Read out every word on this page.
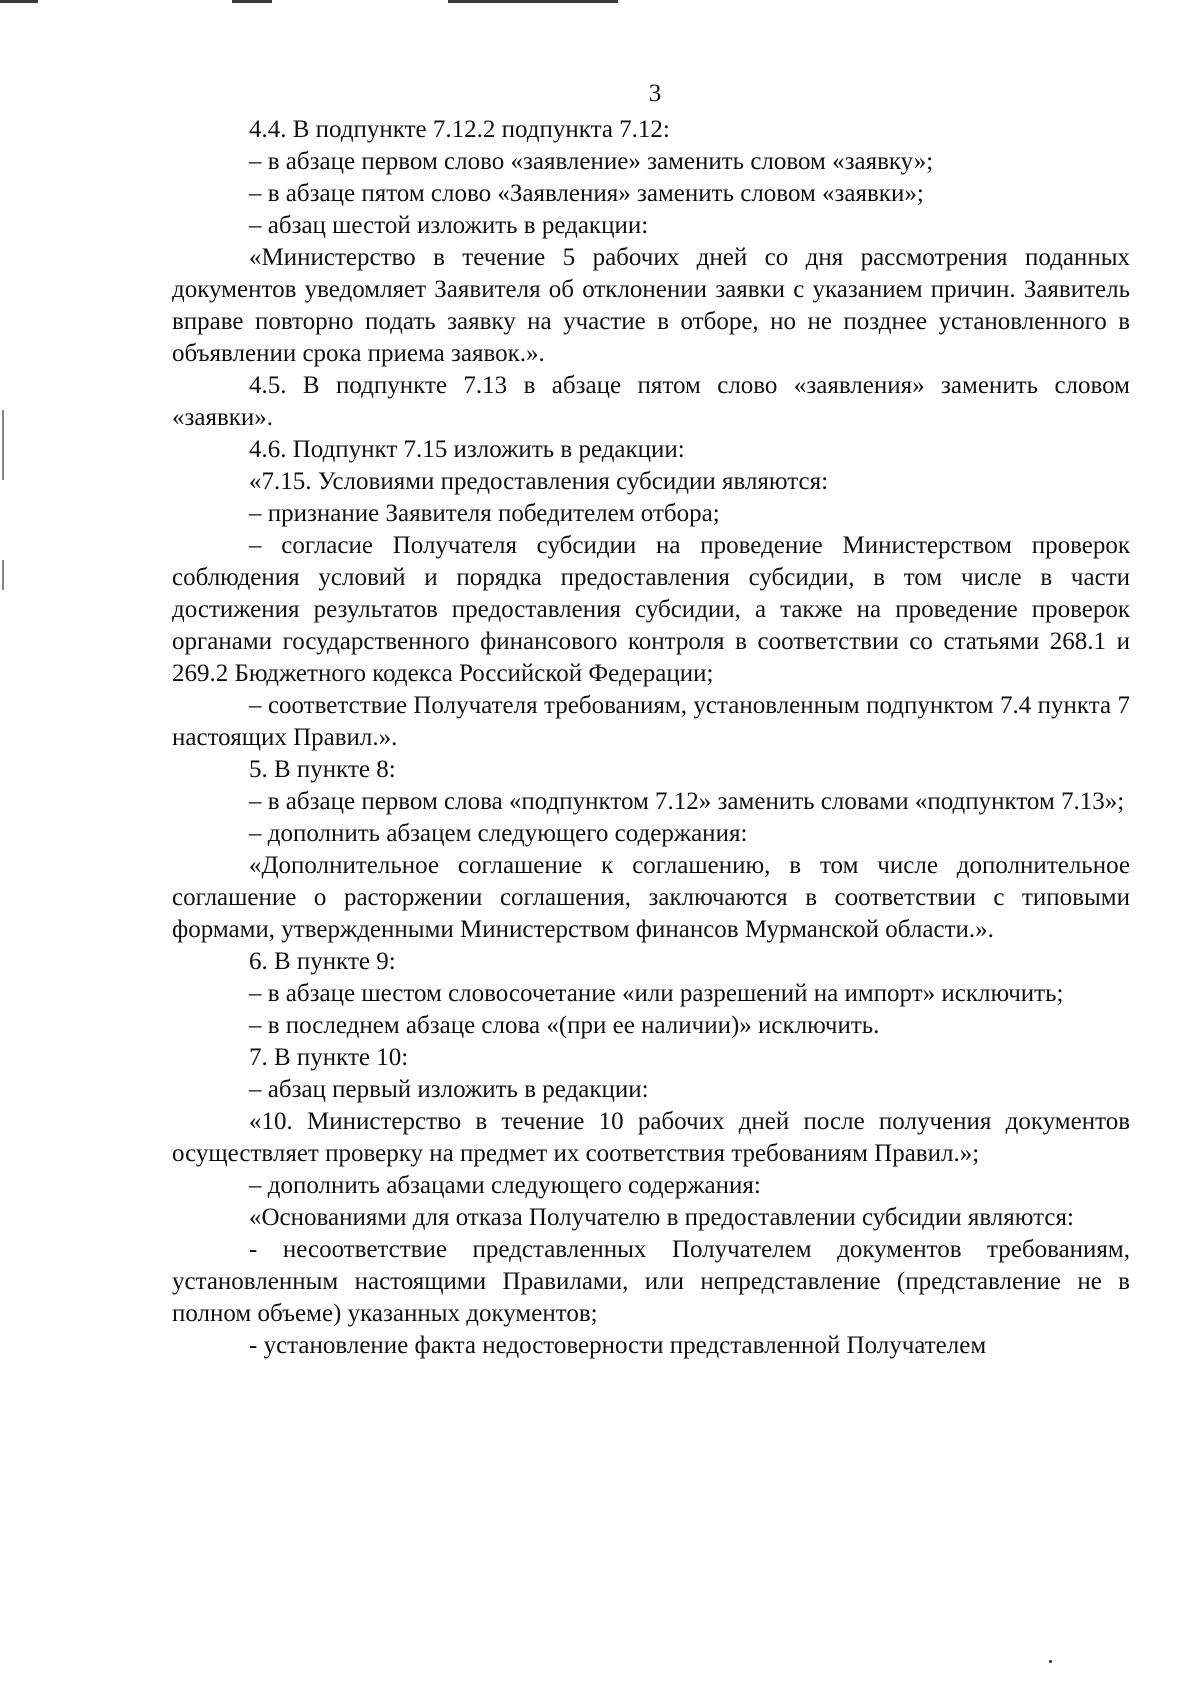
3

4.4. В подпункте 7.12.2 подпункта 7.12:

– в абзаце первом слово «заявление» заменить словом «заявку»;

– в абзаце пятом слово «Заявления» заменить словом «заявки»;

– абзац шестой изложить в редакции:

«Министерство в течение 5 рабочих дней со дня рассмотрения поданных документов уведомляет Заявителя об отклонении заявки с указанием причин. Заявитель вправе повторно подать заявку на участие в отборе, но не позднее установленного в объявлении срока приема заявок.».

4.5. В подпункте 7.13 в абзаце пятом слово «заявления» заменить словом «заявки».

4.6. Подпункт 7.15 изложить в редакции:

«7.15. Условиями предоставления субсидии являются:

– признание Заявителя победителем отбора;

– согласие Получателя субсидии на проведение Министерством проверок соблюдения условий и порядка предоставления субсидии, в том числе в части достижения результатов предоставления субсидии, а также на проведение проверок органами государственного финансового контроля в соответствии со статьями 268.1 и 269.2 Бюджетного кодекса Российской Федерации;

– соответствие Получателя требованиям, установленным подпунктом 7.4 пункта 7 настоящих Правил.».

5. В пункте 8:

– в абзаце первом слова «подпунктом 7.12» заменить словами «подпунктом 7.13»;

– дополнить абзацем следующего содержания:

«Дополнительное соглашение к соглашению, в том числе дополнительное соглашение о расторжении соглашения, заключаются в соответствии с типовыми формами, утвержденными Министерством финансов Мурманской области.».

6. В пункте 9:

– в абзаце шестом словосочетание «или разрешений на импорт» исключить;

– в последнем абзаце слова «(при ее наличии)» исключить.

7. В пункте 10:

– абзац первый изложить в редакции:

«10. Министерство в течение 10 рабочих дней после получения документов осуществляет проверку на предмет их соответствия требованиям Правил.»;

– дополнить абзацами следующего содержания:

«Основаниями для отказа Получателю в предоставлении субсидии являются:

- несоответствие представленных Получателем документов требованиям, установленным настоящими Правилами, или непредставление (представление не в полном объеме) указанных документов;

- установление факта недостоверности представленной Получателем
